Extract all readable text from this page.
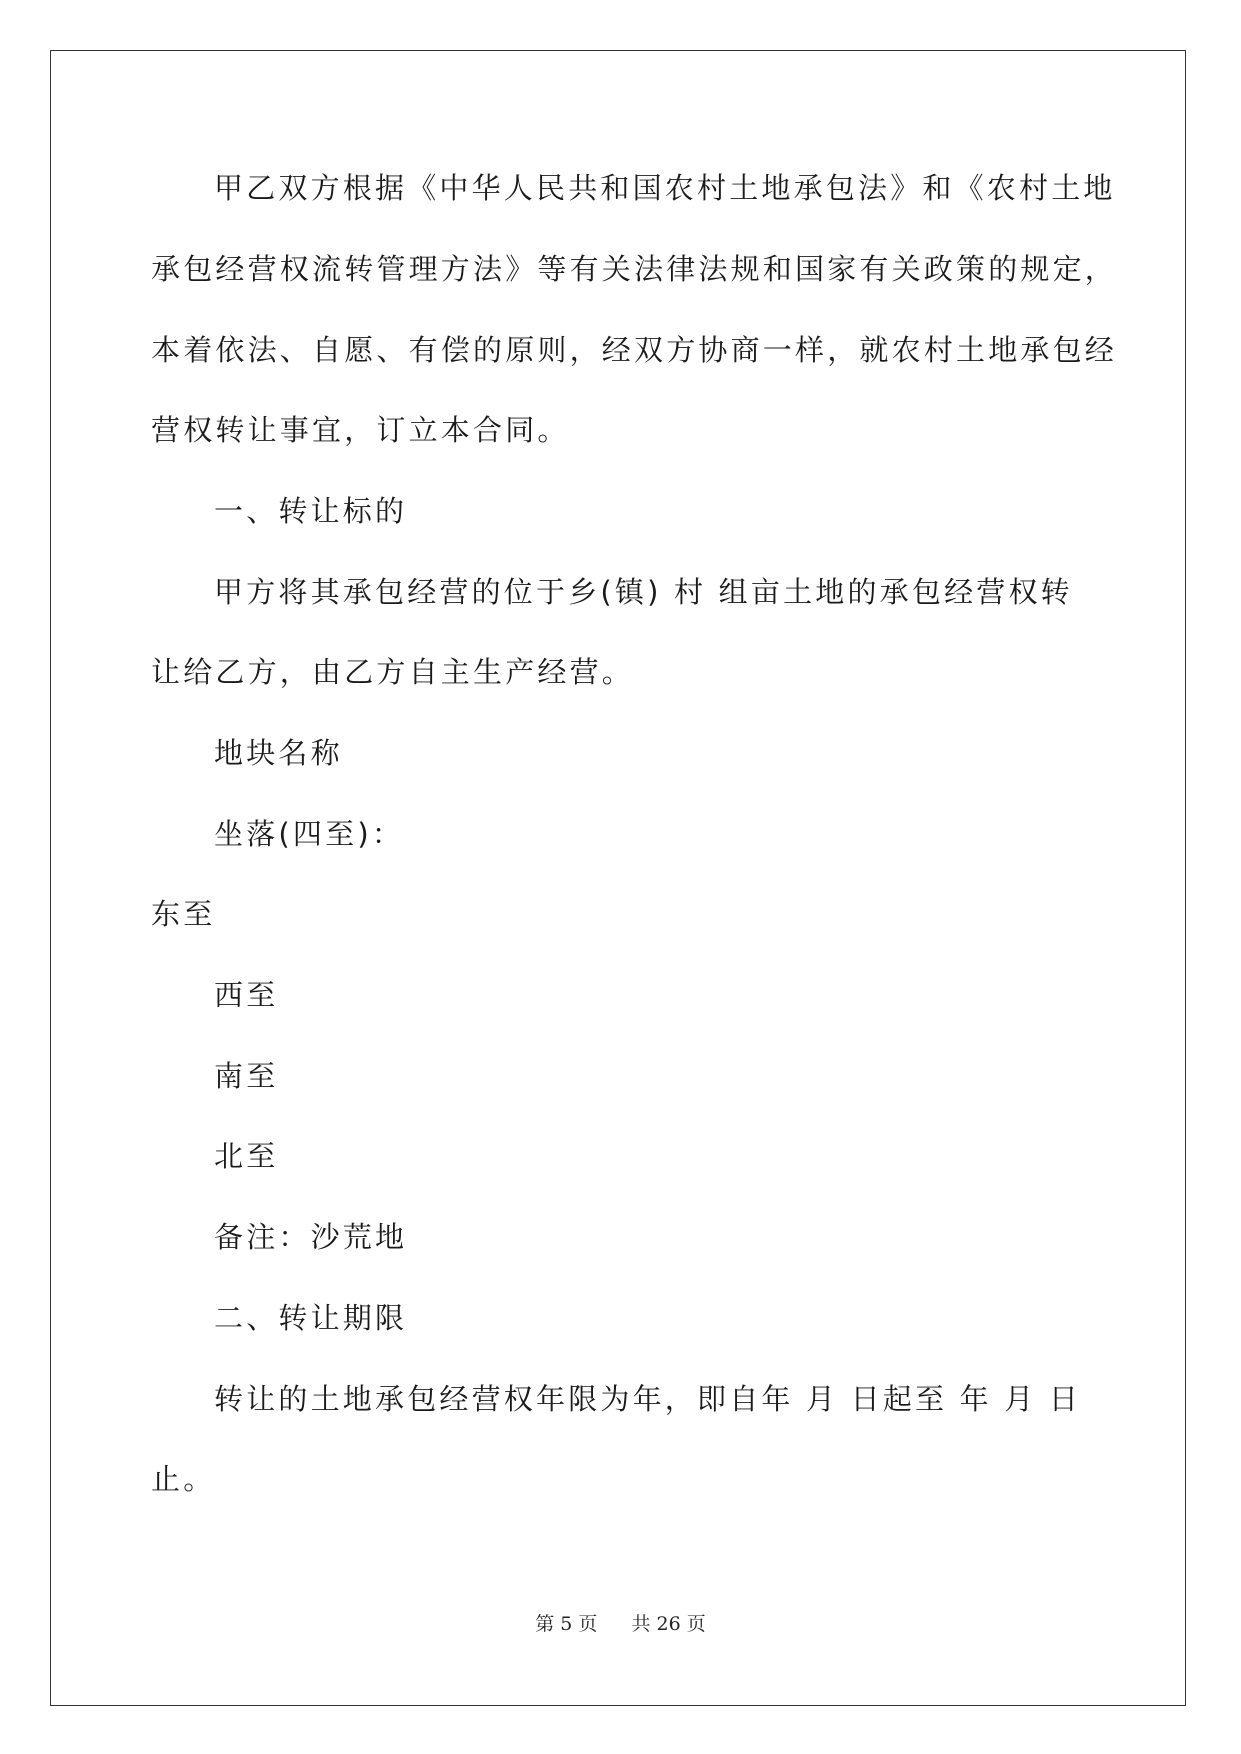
甲乙双方根据《中华人民共和国农村土地承包法》和《农村土地
承包经营权流转管理方法》等有关法律法规和国家有关政策的规定，
本着依法、自愿、有偿的原则，经双方协商一样，就农村土地承包经
营权转让事宜，订立本合同。
一、转让标的
甲方将其承包经营的位于乡(镇) 村 组亩土地的承包经营权转
让给乙方，由乙方自主生产经营。
地块名称
坐落(四至)：
东至
西至
南至
北至
备注：沙荒地
二、转让期限
转让的土地承包经营权年限为年，即自年 月 日起至 年 月 日
止。
第 5 页 共 26 页
